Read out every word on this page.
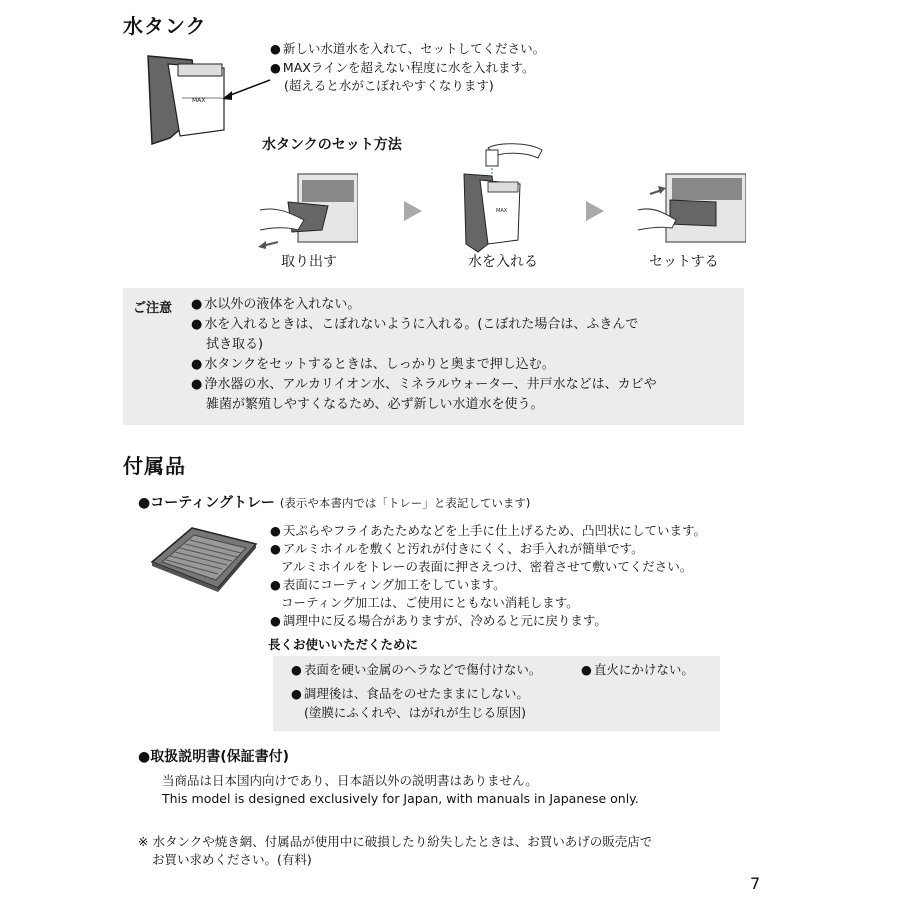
水タンク
MAX
● 新しい水道水を入れて、セットしてください。
● MAXラインを超えない程度に水を入れます。
(超えると水がこぼれやすくなります)
水タンクのセット方法
MAX
取り出す	水を入れる	セットする
ご注意 ●	水以外の液体を入れない。
● 水を入れるときは、こぼれないように入れる。(こぼれた場合は、ふきんで
拭き取る)
● 水タンクをセットするときは、しっかりと奥まで押し込む。
● 浄水器の水、アルカリイオン水、ミネラルウォーター、井戸水などは、カビや
雑菌が繁殖しやすくなるため、必ず新しい水道水を使う。
付属品
●コーティングトレー (表示や本書内では「トレー」と表記しています)
● 天ぷらやフライあたためなどを上手に仕上げるため、凸凹状にしています。
● アルミホイルを敷くと汚れが付きにくく、お手入れが簡単です。
アルミホイルをトレーの表面に押さえつけ、密着させて敷いてください。
● 表面にコーティング加工をしています。
コーティング加工は、ご使用にともない消耗します。
● 調理中に反る場合がありますが、冷めると元に戻ります。
長くお使いいただくために
● 表面を硬い金属のヘラなどで傷付けない。 ●	直火にかけない。
● 調理後は、食品をのせたままにしない。
(塗膜にふくれや、はがれが生じる原因)
●取扱説明書(保証書付)
当商品は日本国内向けであり、日本語以外の説明書はありません。
This model is designed exclusively for Japan, with manuals in Japanese only.
※ 水タンクや焼き網、付属品が使用中に破損したり紛失したときは、お買いあげの販売店で
お買い求めください。(有料)
7
